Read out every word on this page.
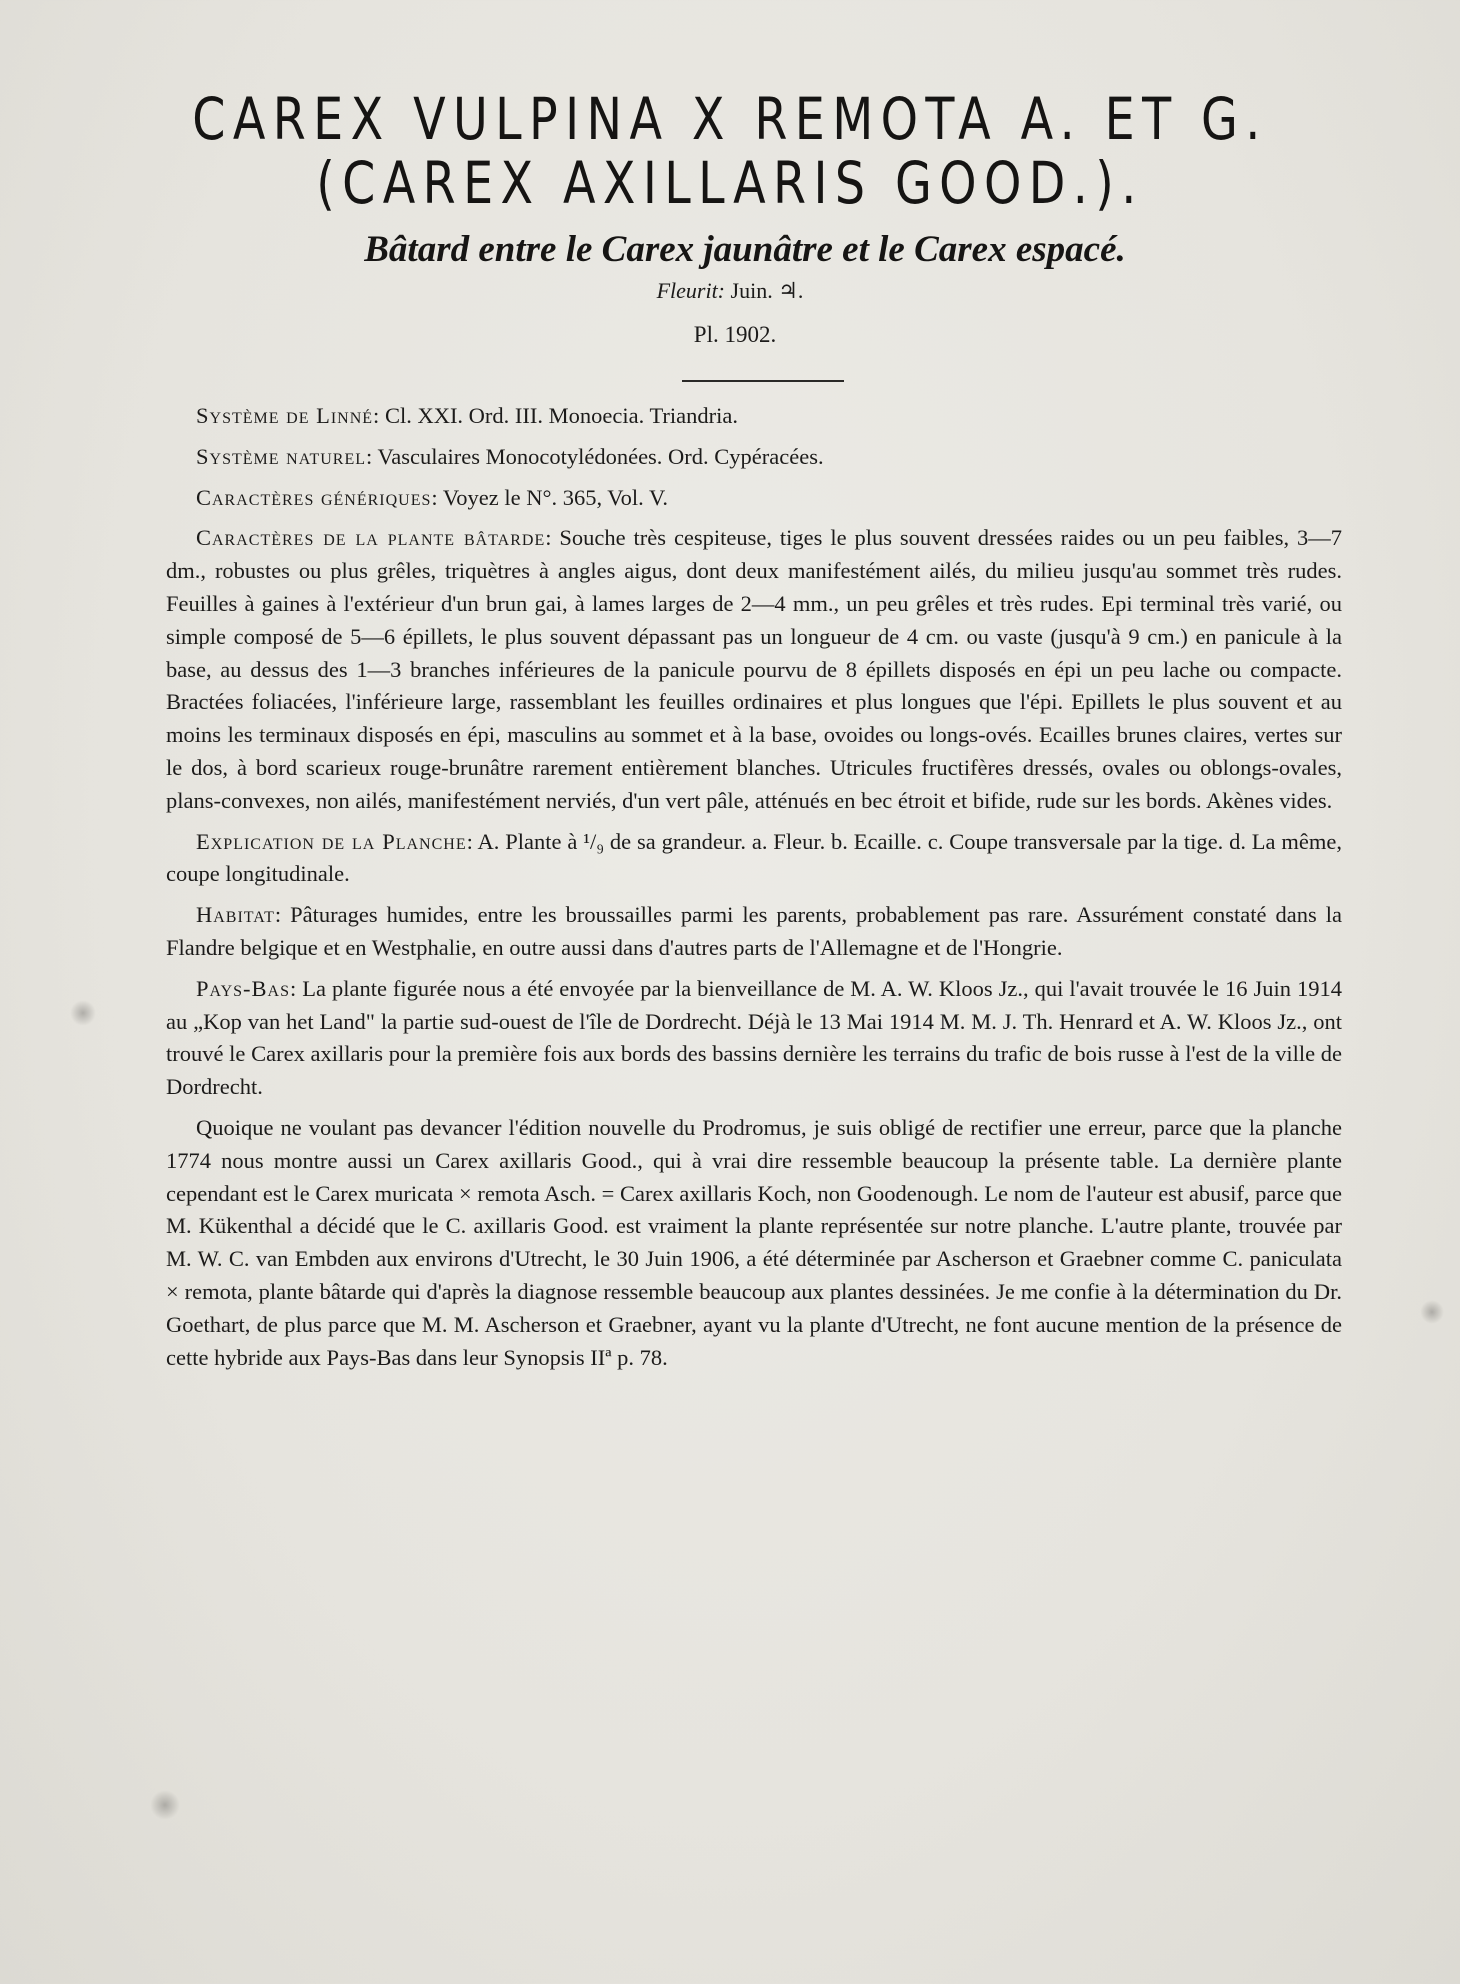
CAREX VULPINA X REMOTA A. ET G.
(CAREX AXILLARIS GOOD.).
Bâtard entre le Carex jaunâtre et le Carex espacé.
Fleurit: Juin. ♃.
Pl. 1902.

Système de Linné: Cl. XXI. Ord. III. Monoecia. Triandria.

Système naturel: Vasculaires Monocotylédonées. Ord. Cypéracées.

Caractères génériques: Voyez le N°. 365, Vol. V.

Caractères de la plante bâtarde: Souche très cespiteuse, tiges le plus souvent dressées raides ou un peu faibles, 3—7 dm., robustes ou plus grêles, triquètres à angles aigus, dont deux manifestément ailés, du milieu jusqu'au sommet très rudes. Feuilles à gaines à l'extérieur d'un brun gai, à lames larges de 2—4 mm., un peu grêles et très rudes. Epi terminal très varié, ou simple composé de 5—6 épillets, le plus souvent dépassant pas un longueur de 4 cm. ou vaste (jusqu'à 9 cm.) en panicule à la base, au dessus des 1—3 branches inférieures de la panicule pourvu de 8 épillets disposés en épi un peu lache ou compacte. Bractées foliacées, l'inférieure large, rassemblant les feuilles ordinaires et plus longues que l'épi. Epillets le plus souvent et au moins les terminaux disposés en épi, masculins au sommet et à la base, ovoides ou longs-ovés. Ecailles brunes claires, vertes sur le dos, à bord scarieux rouge-brunâtre rarement entièrement blanches. Utricules fructifères dressés, ovales ou oblongs-ovales, plans-convexes, non ailés, manifestément nerviés, d'un vert pâle, atténués en bec étroit et bifide, rude sur les bords. Akènes vides.

Explication de la Planche: A. Plante à ¹/₉ de sa grandeur. a. Fleur. b. Ecaille. c. Coupe transversale par la tige. d. La même, coupe longitudinale.

Habitat: Pâturages humides, entre les broussailles parmi les parents, probablement pas rare. Assurément constaté dans la Flandre belgique et en Westphalie, en outre aussi dans d'autres parts de l'Allemagne et de l'Hongrie.

Pays-Bas: La plante figurée nous a été envoyée par la bienveillance de M. A. W. Kloos Jz., qui l'avait trouvée le 16 Juin 1914 au „Kop van het Land" la partie sud-ouest de l'île de Dordrecht. Déjà le 13 Mai 1914 M. M. J. Th. Henrard et A. W. Kloos Jz., ont trouvé le Carex axillaris pour la première fois aux bords des bassins dernière les terrains du trafic de bois russe à l'est de la ville de Dordrecht.

Quoique ne voulant pas devancer l'édition nouvelle du Prodromus, je suis obligé de rectifier une erreur, parce que la planche 1774 nous montre aussi un Carex axillaris Good., qui à vrai dire ressemble beaucoup la présente table. La dernière plante cependant est le Carex muricata × remota Asch. = Carex axillaris Koch, non Goodenough. Le nom de l'auteur est abusif, parce que M. Kükenthal a décidé que le C. axillaris Good. est vraiment la plante représentée sur notre planche. L'autre plante, trouvée par M. W. C. van Embden aux environs d'Utrecht, le 30 Juin 1906, a été déterminée par Ascherson et Graebner comme C. paniculata × remota, plante bâtarde qui d'après la diagnose ressemble beaucoup aux plantes dessinées. Je me confie à la détermination du Dr. Goethart, de plus parce que M. M. Ascherson et Graebner, ayant vu la plante d'Utrecht, ne font aucune mention de la présence de cette hybride aux Pays-Bas dans leur Synopsis IIª p. 78.
